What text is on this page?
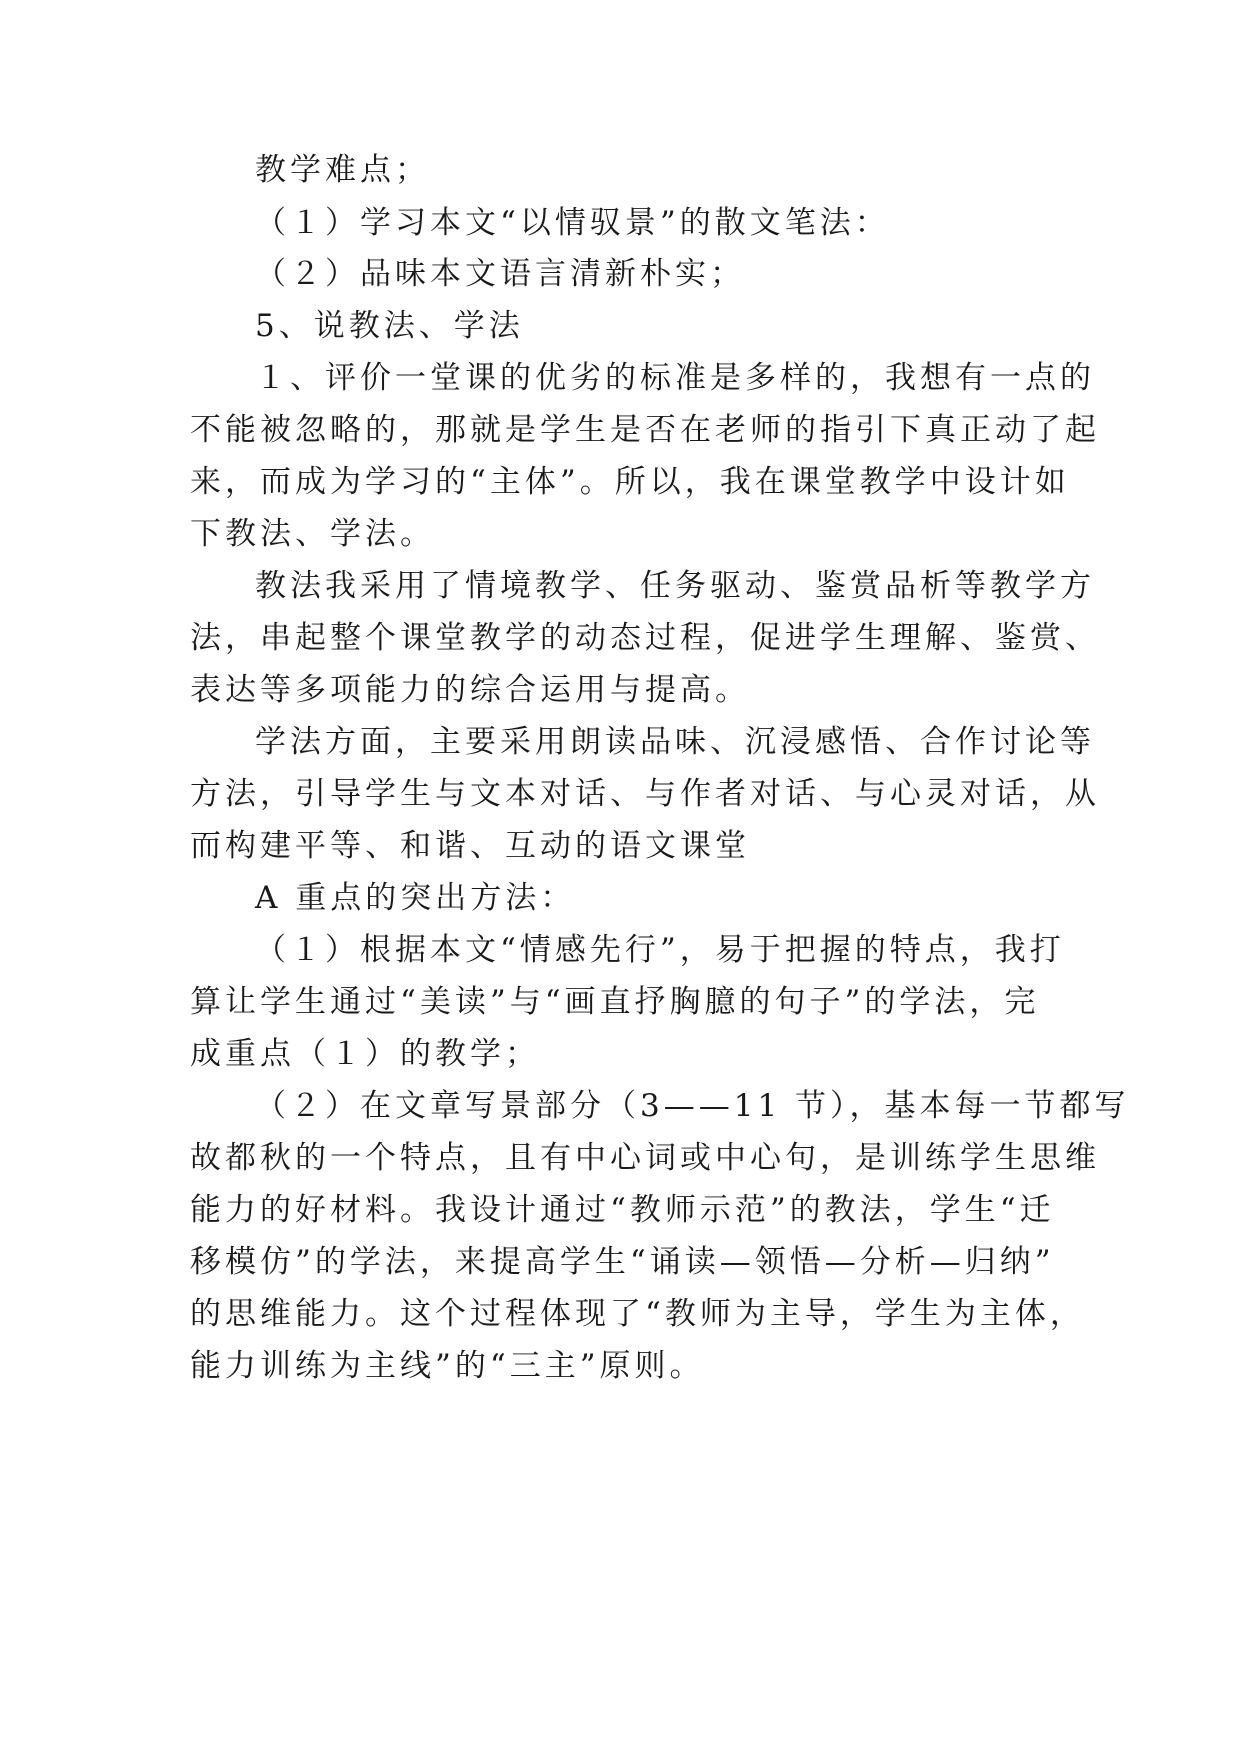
教学难点；
（１）学习本文“以情驭景”的散文笔法：
（２）品味本文语言清新朴实；
5、说教法、学法
１、评价一堂课的优劣的标准是多样的，我想有一点的
不能被忽略的，那就是学生是否在老师的指引下真正动了起
来，而成为学习的“主体”。所以，我在课堂教学中设计如
下教法、学法。
教法我采用了情境教学、任务驱动、鉴赏品析等教学方
法，串起整个课堂教学的动态过程，促进学生理解、鉴赏、
表达等多项能力的综合运用与提高。
学法方面，主要采用朗读品味、沉浸感悟、合作讨论等
方法，引导学生与文本对话、与作者对话、与心灵对话，从
而构建平等、和谐、互动的语文课堂
A 重点的突出方法：
（１）根据本文“情感先行”，易于把握的特点，我打
算让学生通过“美读”与“画直抒胸臆的句子”的学法，完
成重点（１）的教学；
（２）在文章写景部分（3——11 节），基本每一节都写
故都秋的一个特点，且有中心词或中心句，是训练学生思维
能力的好材料。我设计通过“教师示范”的教法，学生“迁
移模仿”的学法，来提高学生“诵读—领悟—分析—归纳”
的思维能力。这个过程体现了“教师为主导，学生为主体，
能力训练为主线”的“三主”原则。
